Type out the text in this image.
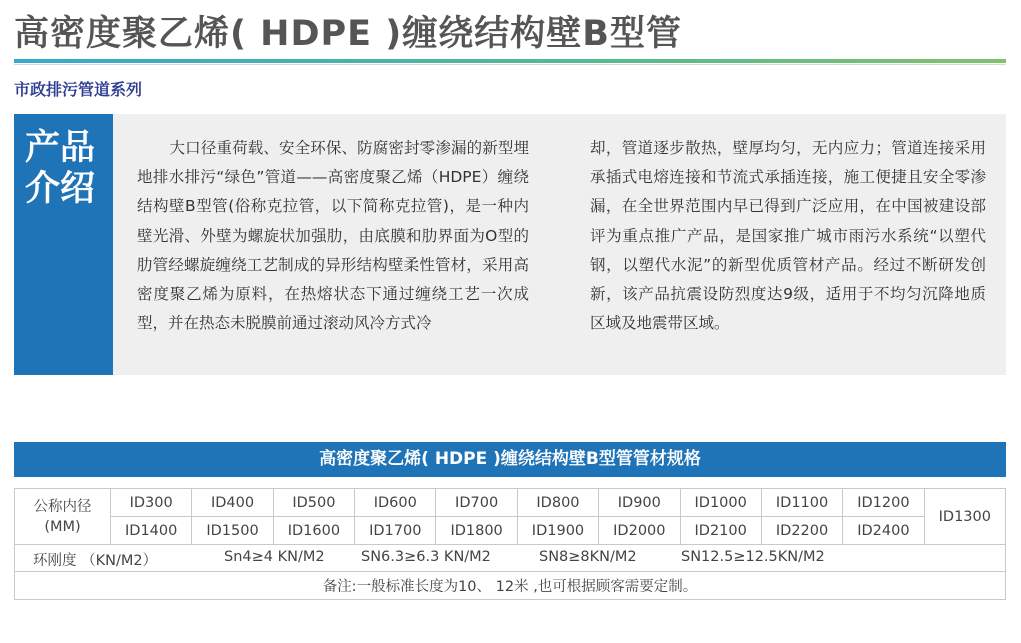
高密度聚乙烯( HDPE )缠绕结构壁B型管
市政排污管道系列
产品
介绍
大口径重荷载、安全环保、防腐密封零渗漏的新型埋地排水排污“绿色”管道——高密度聚乙烯（HDPE）缠绕结构壁B型管(俗称克拉管，以下简称克拉管)，是一种内壁光滑、外壁为螺旋状加强肋，由底膜和肋界面为O型的肋管经螺旋缠绕工艺制成的异形结构壁柔性管材，采用高密度聚乙烯为原料，在热熔状态下通过缠绕工艺一次成型，并在热态未脱膜前通过滚动风冷方式冷
却，管道逐步散热，壁厚均匀，无内应力；管道连接采用承插式电熔连接和节流式承插连接，施工便捷且安全零渗漏，在全世界范围内早已得到广泛应用，在中国被建设部评为重点推广产品，是国家推广城市雨污水系统“以塑代钢，以塑代水泥”的新型优质管材产品。经过不断研发创新，该产品抗震设防烈度达9级，适用于不均匀沉降地质区域及地震带区域。
高密度聚乙烯( HDPE )缠绕结构壁B型管管材规格
公称内径
(MM)	ID300	ID400	ID500	ID600	ID700	ID800	ID900	ID1000	ID1100	ID1200	ID1300
	ID1400	ID1500	ID1600	ID1700	ID1800	ID1900	ID2000	ID2100	ID2200	ID2400	

环刚度 （KN/M2） Sn4≥4 KN/M2 SN6.3≥6.3 KN/M2 SN8≥8KN/M2 SN12.5≥12.5KN/M2											

备注:一般标准长度为10、 12米 ,也可根据顾客需要定制。											
